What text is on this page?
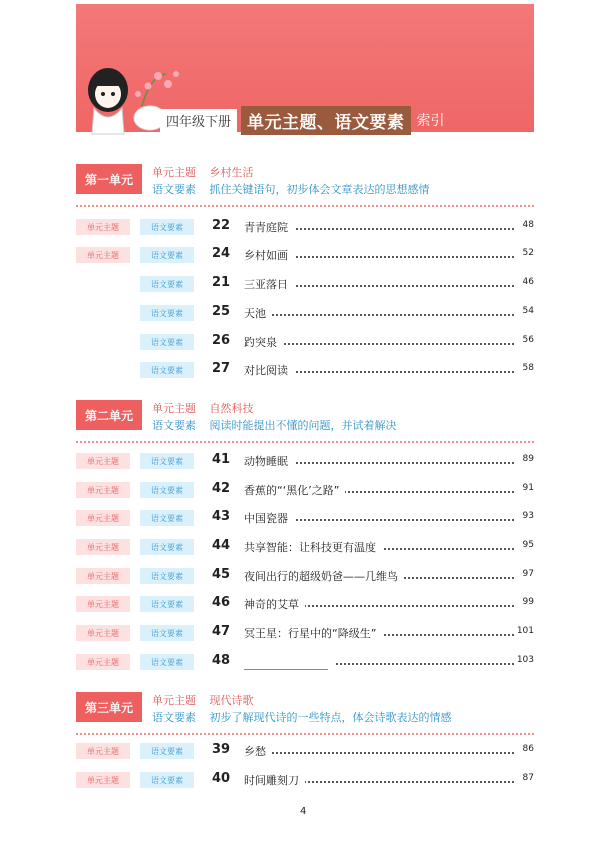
四年级下册 单元主题、语文要素 索引
第一单元	单元主题 乡村生活
语文要素 抓住关键语句，初步体会文章表达的思想感情
单元主题	语文要素	22 青青庭院	48
单元主题	语文要素	24 乡村如画	52
语文要素	21 三亚落日	46
语文要素	25 天池	54
语文要素	26 趵突泉	56
语文要素	27 对比阅读	58
第二单元	单元主题 自然科技
语文要素 阅读时能提出不懂的问题，并试着解决
单元主题	语文要素	41 动物睡眠	89
单元主题	语文要素	42 香蕉的“‘黑化’之路”	91
单元主题	语文要素	43 中国瓷器	93
单元主题	语文要素	44 共享智能：让科技更有温度	95
单元主题	语文要素	45 夜间出行的超级奶爸——几维鸟	97
单元主题	语文要素	46 神奇的艾草	99
单元主题	语文要素	47 冥王星：行星中的“降级生”	101
单元主题	语文要素	48	103
第三单元	单元主题 现代诗歌
语文要素 初步了解现代诗的一些特点，体会诗歌表达的情感
单元主题	语文要素	39 乡愁	86
单元主题	语文要素	40 时间雕刻刀	87
4
